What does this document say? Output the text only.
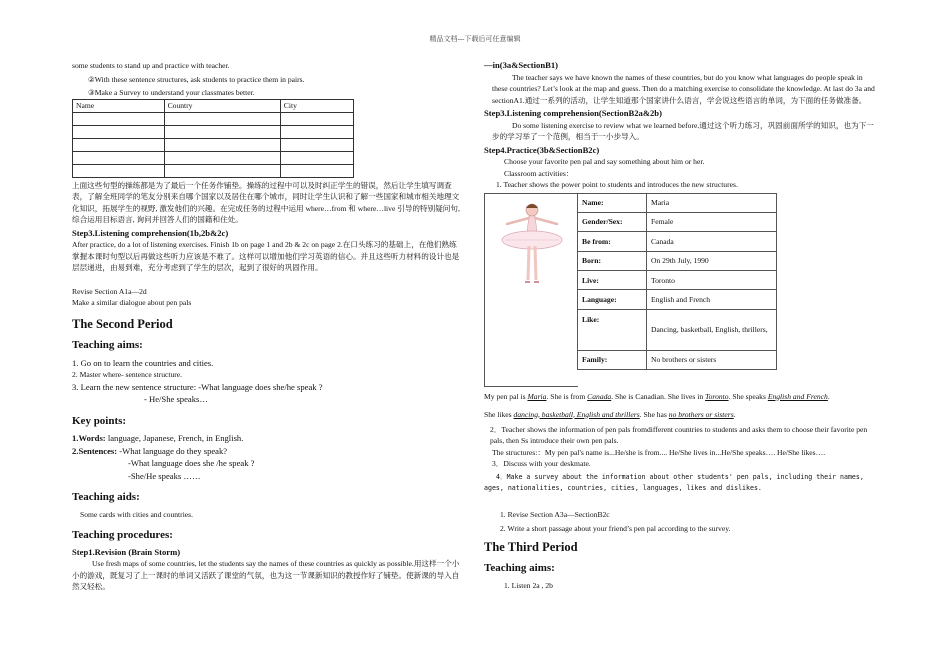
精品文档---下载后可任意编辑

some students to stand up and practice with teacher.

②With these sentence structures, ask students to practice them in pairs.

③Make a Survey to understand your classmates better.

Name	Country	City

上面这些句型的操练都是为了最后一个任务作铺垫。操练的过程中可以及时纠正学生的错误，然后让学生填写调查表，了解全班同学的笔友分别来自哪个国家以及居住在哪个城市，同时让学生认识和了解一些国家和城市相关地理文化知识，拓展学生的视野, 激发他们的兴趣。在完成任务的过程中运用 where…from 和 where…live 引导的特别疑问句, 综合运用目标语言, 询问并回答人们的国籍和住处。

Step3.Listening comprehension(1b,2b&2c)

After practice, do a lot of listening exercises. Finish 1b on page 1 and 2b & 2c on page 2.在口头练习的基础上，在他们熟练掌握本课时句型以后再做这些听力应该是不难了。这样可以增加他们学习英语的信心。并且这些听力材料的设计也是层层递进，由易到难，充分考虑到了学生的层次，起到了很好的巩固作用。

Revise Section A1a—2d

Make a similar dialogue about pen pals

The Second Period
Teaching aims:

1. Go on to learn the countries and cities.

2. Master where- sentence structure.

3. Learn the new sentence structure: -What language does she/he speak ?

- He/She speaks…

Key points:

1.Words: language, Japanese, French, in English.

2.Sentences: -What language do they speak?

-What language does she /he speak ?

-She/He speaks ……

Teaching aids:

Some cards with cities and countries.

Teaching procedures:

Step1.Revision (Brain Storm)

Use fresh maps of some countries, let the students say the names of these countries as quickly as possible.用这样一个小小的游戏，既复习了上一课时的单词又活跃了课堂的气氛，也为这一节课新知识的教授作好了铺垫。使新课的导入自然又轻松。

—in(3a&SectionB1)

The teacher says we have known the names of these countries, but do you know what languages do people speak in these countries? Let’s look at the map and guess. Then do a matching exercise to consolidate the knowledge. At last do 3a and sectionA1.通过一系列的活动，让学生知道那个国家讲什么语言，学会说这些语言的单词，为下面的任务做准备。

Step3.Listening comprehension(SectionB2a&2b)

Do some listening exercise to review what we learned before.通过这个听力练习，巩固前面所学的知识，也为下一步的学习举了一个范例，相当于一小步导入。

Step4.Practice(3b&SectionB2c)

Choose your favorite pen pal and say something about him or her.

Classroom activities：

1. Teacher shows the power point to students and introduces the new structures.

Name:	Maria
Gender/Sex:	Female
Be from:	Canada
Born:	On 29th July, 1990
Live:	Toronto
Language:	English and French
Like:	Dancing, basketball, English, thrillers,
Family:	No brothers or sisters

My pen pal is Maria. She is from Canada. She is Canadian. She lives in Toronto. She speaks English and French.

She likes dancing, basketball, English and thrillers. She has no brothers or sisters.

2．Teacher shows the information of pen pals fromdifferent countries to students and asks them to choose their favorite pen pals, then Ss introduce their own pen pals.

The structures:：My pen pal's name is...He/she is from.... He/She lives in...He/She speaks…. He/She likes….

3．Discuss with your deskmate.

4．Make a survey about the information about other students' pen pals, including their names, ages, nationalities, countries, cities, languages, likes and dislikes.

1. Revise Section A3a—SectionB2c

2. Write a short passage about your friend’s pen pal according to the survey.

The Third Period
Teaching aims:

1. Listen 2a , 2b
